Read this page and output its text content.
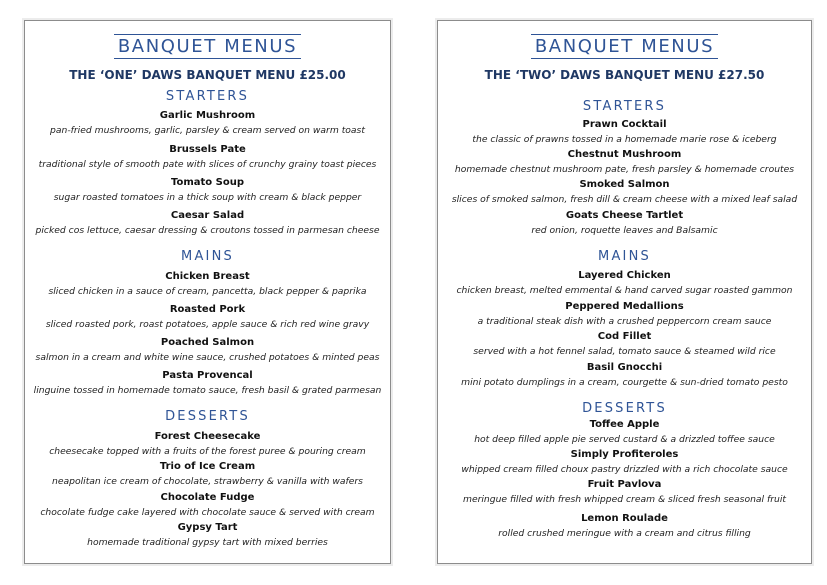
BANQUET MENUS
THE ‘ONE’ DAWS BANQUET MENU £25.00
STARTERS
Garlic Mushroom
pan-fried mushrooms, garlic, parsley & cream served on warm toast
Brussels Pate
traditional style of smooth pate with slices of crunchy grainy toast pieces
Tomato Soup
sugar roasted tomatoes in a thick soup with cream & black pepper
Caesar Salad
picked cos lettuce, caesar dressing & croutons tossed in parmesan cheese
MAINS
Chicken Breast
sliced chicken in a sauce of cream, pancetta, black pepper & paprika
Roasted Pork
sliced roasted pork, roast potatoes, apple sauce & rich red wine gravy
Poached Salmon
salmon in a cream and white wine sauce, crushed potatoes & minted peas
Pasta Provencal
linguine tossed in homemade tomato sauce, fresh basil & grated parmesan
DESSERTS
Forest Cheesecake
cheesecake topped with a fruits of the forest puree & pouring cream
Trio of Ice Cream
neapolitan ice cream of chocolate, strawberry & vanilla with wafers
Chocolate Fudge
chocolate fudge cake layered with chocolate sauce & served with cream
Gypsy Tart
homemade traditional gypsy tart with mixed berries
BANQUET MENUS
THE ‘TWO’ DAWS BANQUET MENU £27.50
STARTERS
Prawn Cocktail
the classic of prawns tossed in a homemade marie rose & iceberg
Chestnut Mushroom
homemade chestnut mushroom pate, fresh parsley & homemade croutes
Smoked Salmon
slices of smoked salmon, fresh dill & cream cheese with a mixed leaf salad
Goats Cheese Tartlet
red onion, roquette leaves and Balsamic
MAINS
Layered Chicken
chicken breast, melted emmental & hand carved sugar roasted gammon
Peppered Medallions
a traditional steak dish with a crushed peppercorn cream sauce
Cod Fillet
served with a hot fennel salad, tomato sauce & steamed wild rice
Basil Gnocchi
mini potato dumplings in a cream, courgette & sun-dried tomato pesto
DESSERTS
Toffee Apple
hot deep filled apple pie served custard & a drizzled toffee sauce
Simply Profiteroles
whipped cream filled choux pastry drizzled with a rich chocolate sauce
Fruit Pavlova
meringue filled with fresh whipped cream & sliced fresh seasonal fruit
Lemon Roulade
rolled crushed meringue with a cream and citrus filling
